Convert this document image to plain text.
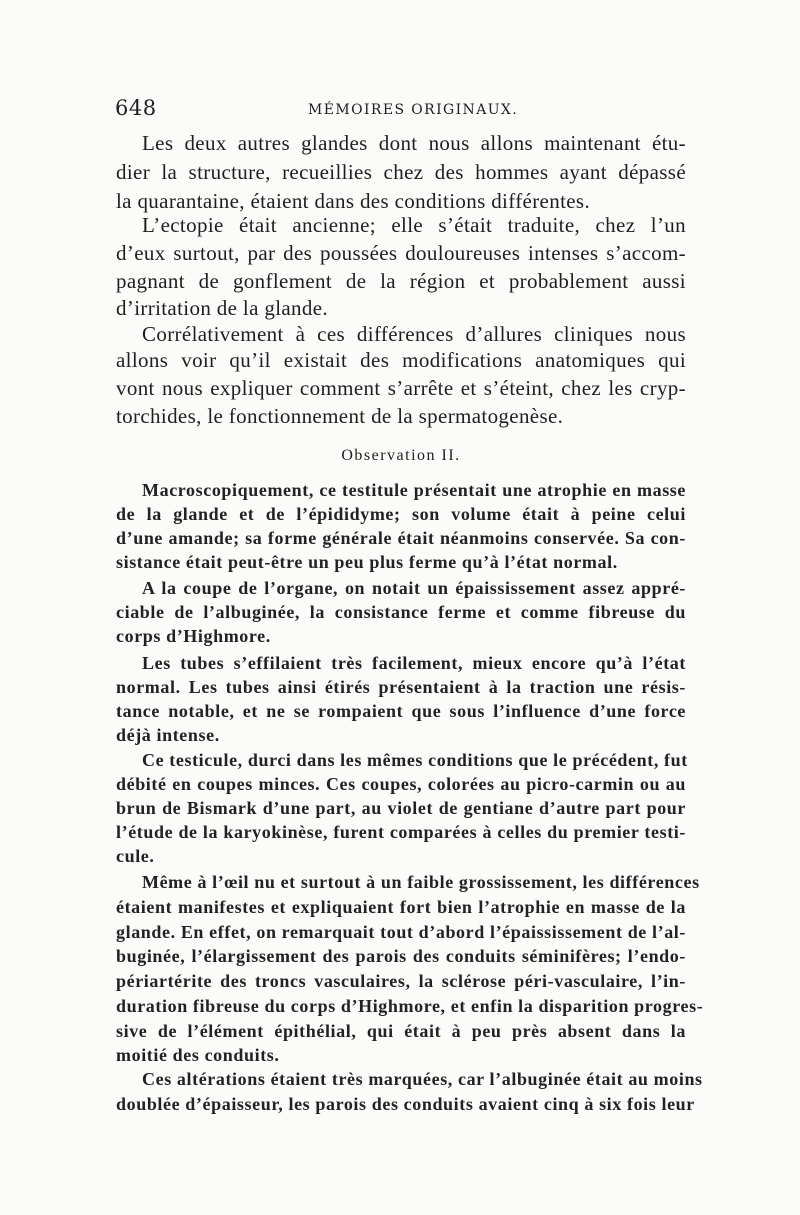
648	MÉMOIRES ORIGINAUX.
Les deux autres glandes dont nous allons maintenant étu-
dier la structure, recueillies chez des hommes ayant dépassé
la quarantaine, étaient dans des conditions différentes.
L’ectopie était ancienne; elle s’était traduite, chez l’un
d’eux surtout, par des poussées douloureuses intenses s’accom-
pagnant de gonflement de la région et probablement aussi
d’irritation de la glande.
Corrélativement à ces différences d’allures cliniques nous
allons voir qu’il existait des modifications anatomiques qui
vont nous expliquer comment s’arrête et s’éteint, chez les cryp-
torchides, le fonctionnement de la spermatogenèse.
Observation II.
Macroscopiquement, ce testitule présentait une atrophie en masse
de la glande et de l’épididyme; son volume était à peine celui
d’une amande; sa forme générale était néanmoins conservée. Sa con-
sistance était peut-être un peu plus ferme qu’à l’état normal.
A la coupe de l’organe, on notait un épaississement assez appré-
ciable de l’albuginée, la consistance ferme et comme fibreuse du
corps d’Highmore.
Les tubes s’effilaient très facilement, mieux encore qu’à l’état
normal. Les tubes ainsi étirés présentaient à la traction une résis-
tance notable, et ne se rompaient que sous l’influence d’une force
déjà intense.
Ce testicule, durci dans les mêmes conditions que le précédent, fut
débité en coupes minces. Ces coupes, colorées au picro-carmin ou au
brun de Bismark d’une part, au violet de gentiane d’autre part pour
l’étude de la karyokinèse, furent comparées à celles du premier testi-
cule.
Même à l’œil nu et surtout à un faible grossissement, les différences
étaient manifestes et expliquaient fort bien l’atrophie en masse de la
glande. En effet, on remarquait tout d’abord l’épaississement de l’al-
buginée, l’élargissement des parois des conduits séminifères; l’endo-
périartérite des troncs vasculaires, la sclérose péri-vasculaire, l’in-
duration fibreuse du corps d’Highmore, et enfin la disparition progres-
sive de l’élément épithélial, qui était à peu près absent dans la
moitié des conduits.
Ces altérations étaient très marquées, car l’albuginée était au moins
doublée d’épaisseur, les parois des conduits avaient cinq à six fois leur
